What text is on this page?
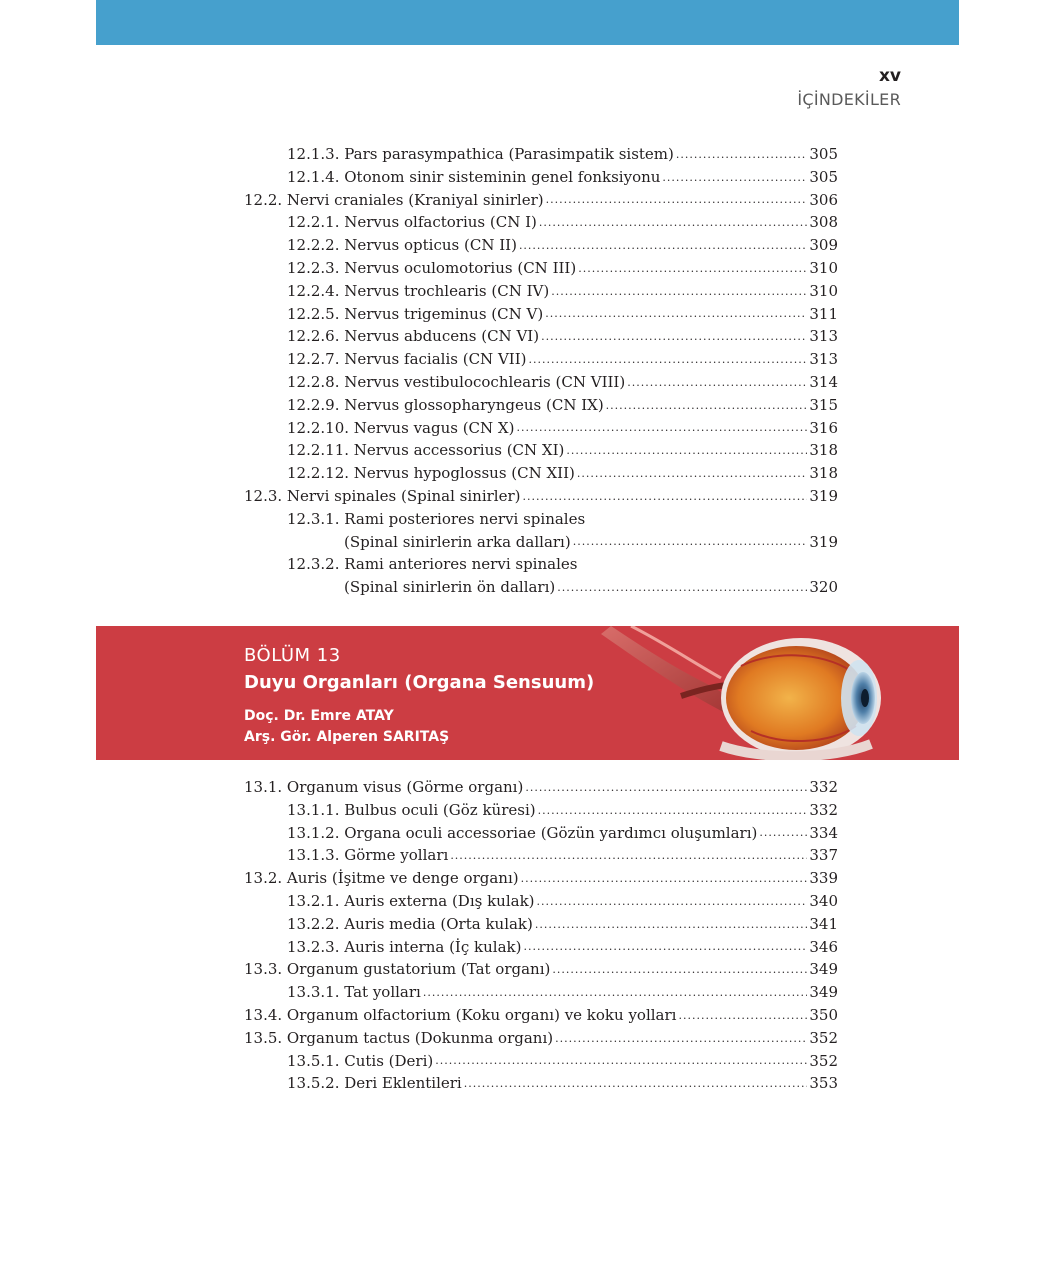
xv
İÇİNDEKİLER
12.1.3. Pars parasympathica (Parasimpatik sistem) .....	305
12.1.4. Otonom sinir sisteminin genel fonksiyonu .....	305
12.2. Nervi craniales (Kraniyal sinirler) .....	306
12.2.1. Nervus olfactorius (CN I) .....	308
12.2.2. Nervus opticus (CN II) .....	309
12.2.3. Nervus oculomotorius (CN III) .....	310
12.2.4. Nervus trochlearis (CN IV) .....	310
12.2.5. Nervus trigeminus (CN V) .....	311
12.2.6. Nervus abducens (CN VI) .....	313
12.2.7. Nervus facialis (CN VII) .....	313
12.2.8. Nervus vestibulocochlearis (CN VIII) .....	314
12.2.9. Nervus glossopharyngeus (CN IX) .....	315
12.2.10. Nervus vagus (CN X) .....	316
12.2.11. Nervus accessorius (CN XI) .....	318
12.2.12. Nervus hypoglossus (CN XII) .....	318
12.3. Nervi spinales (Spinal sinirler) .....	319
12.3.1. Rami posteriores nervi spinales
(Spinal sinirlerin arka dalları) .....	319
12.3.2. Rami anteriores nervi spinales
(Spinal sinirlerin ön dalları) .....	320
BÖLÜM 13
Duyu Organları (Organa Sensuum)
Doç. Dr. Emre ATAY
Arş. Gör. Alperen SARITAŞ
13.1. Organum visus (Görme organı) .....	332
13.1.1. Bulbus oculi (Göz küresi) .....	332
13.1.2. Organa oculi accessoriae (Gözün yardımcı oluşumları) .....	334
13.1.3. Görme yolları .....	337
13.2. Auris (İşitme ve denge organı) .....	339
13.2.1. Auris externa (Dış kulak) .....	340
13.2.2. Auris media (Orta kulak) .....	341
13.2.3. Auris interna (İç kulak) .....	346
13.3. Organum gustatorium (Tat organı) .....	349
13.3.1. Tat yolları .....	349
13.4. Organum olfactorium (Koku organı) ve koku yolları .....	350
13.5. Organum tactus (Dokunma organı) .....	352
13.5.1. Cutis (Deri) .....	352
13.5.2. Deri Eklentileri .....	353
